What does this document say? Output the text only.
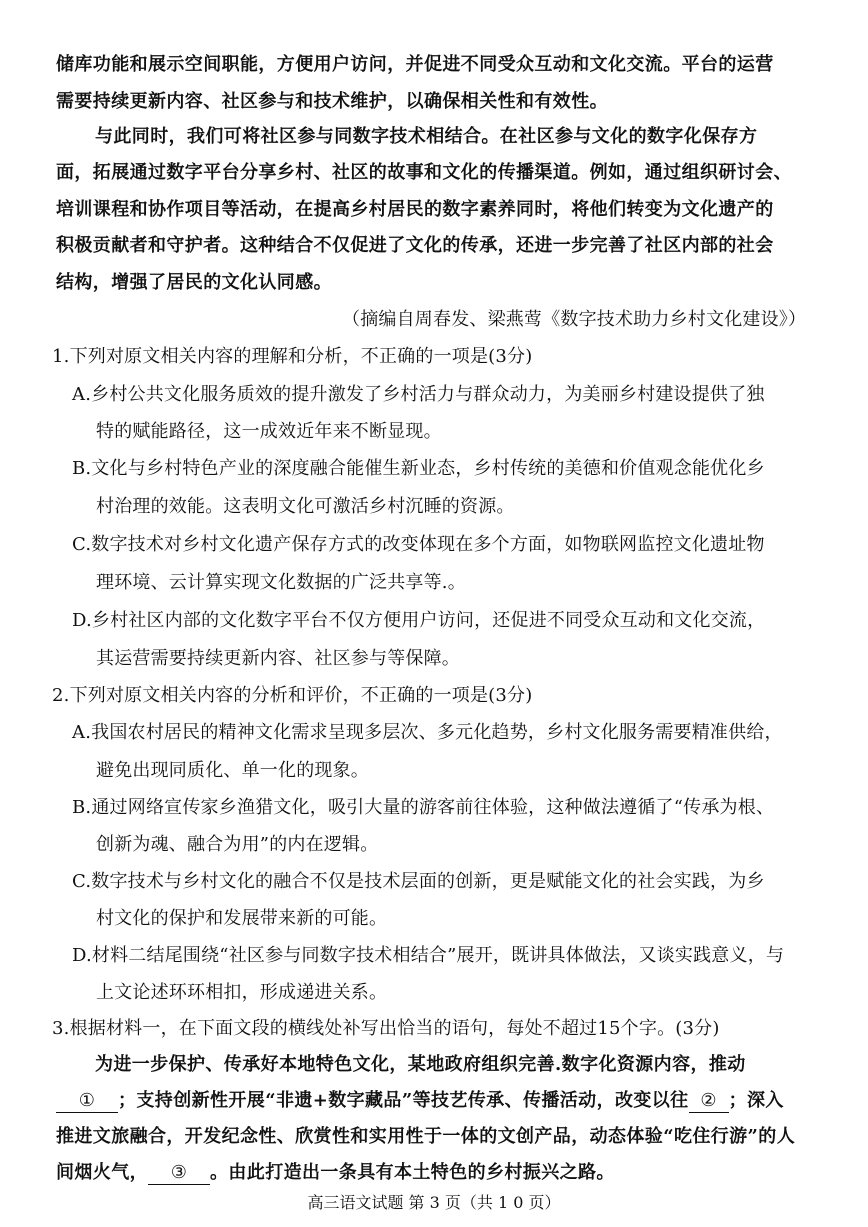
储库功能和展示空间职能，方便用户访问，并促进不同受众互动和文化交流。平台的运营
需要持续更新内容、社区参与和技术维护，以确保相关性和有效性。
与此同时，我们可将社区参与同数字技术相结合。在社区参与文化的数字化保存方
面，拓展通过数字平台分享乡村、社区的故事和文化的传播渠道。例如，通过组织研讨会、
培训课程和协作项目等活动，在提高乡村居民的数字素养同时，将他们转变为文化遗产的
积极贡献者和守护者。这种结合不仅促进了文化的传承，还进一步完善了社区内部的社会
结构，增强了居民的文化认同感。
（摘编自周春发、梁燕莺《数字技术助力乡村文化建设》）
1.下列对原文相关内容的理解和分析，不正确的一项是(3分)
A.乡村公共文化服务质效的提升激发了乡村活力与群众动力，为美丽乡村建设提供了独
特的赋能路径，这一成效近年来不断显现。
B.文化与乡村特色产业的深度融合能催生新业态，乡村传统的美德和价值观念能优化乡
村治理的效能。这表明文化可激活乡村沉睡的资源。
C.数字技术对乡村文化遗产保存方式的改变体现在多个方面，如物联网监控文化遗址物
理环境、云计算实现文化数据的广泛共享等.。
D.乡村社区内部的文化数字平台不仅方便用户访问，还促进不同受众互动和文化交流，
其运营需要持续更新内容、社区参与等保障。
2.下列对原文相关内容的分析和评价，不正确的一项是(3分)
A.我国农村居民的精神文化需求呈现多层次、多元化趋势，乡村文化服务需要精准供给，
避免出现同质化、单一化的现象。
B.通过网络宣传家乡渔猎文化，吸引大量的游客前往体验，这种做法遵循了“传承为根、
创新为魂、融合为用”的内在逻辑。
C.数字技术与乡村文化的融合不仅是技术层面的创新，更是赋能文化的社会实践，为乡
村文化的保护和发展带来新的可能。
D.材料二结尾围绕“社区参与同数字技术相结合”展开，既讲具体做法，又谈实践意义，与
上文论述环环相扣，形成递进关系。
3.根据材料一，在下面文段的横线处补写出恰当的语句，每处不超过15个字。(3分)
为进一步保护、传承好本地特色文化，某地政府组织完善.数字化资源内容，推动
① ；支持创新性开展“非遗+数字藏品”等技艺传承、传播活动，改变以往 ② ；深入
推进文旅融合，开发纪念性、欣赏性和实用性于一体的文创产品，动态体验“吃住行游”的人
间烟火气， ③ 。由此打造出一条具有本土特色的乡村振兴之路。
高三语文试题 第 3 页（共 1 0 页）
